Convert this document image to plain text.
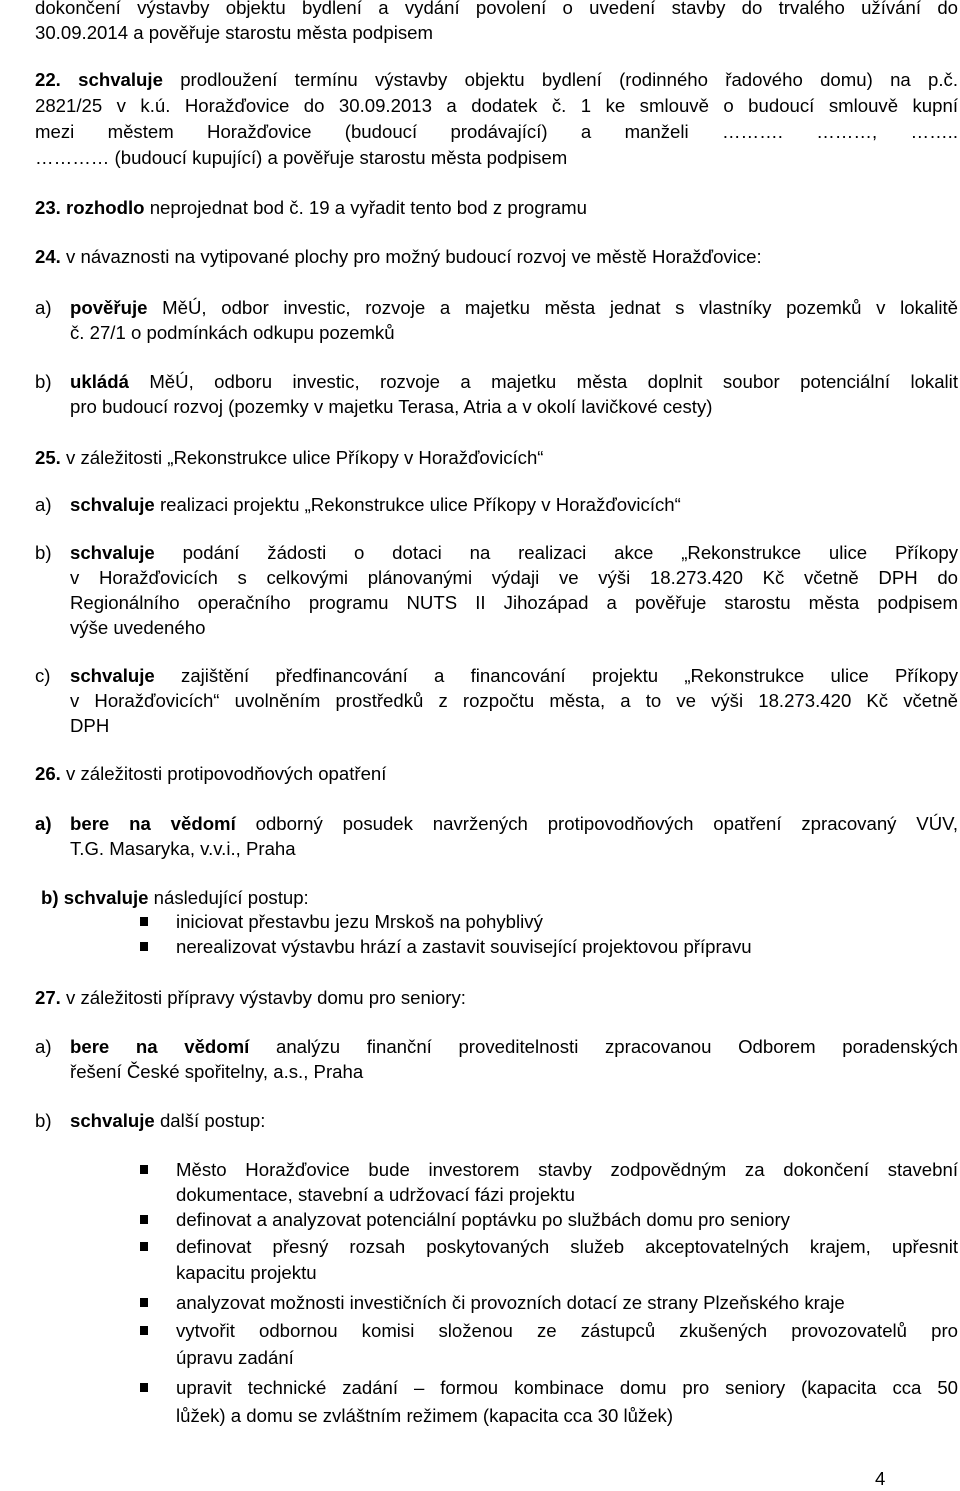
dokončení výstavby objektu bydlení a vydání povolení o uvedení stavby do trvalého užívání do
30.09.2014 a pověřuje starostu města podpisem
22. schvaluje prodloužení termínu výstavby objektu bydlení (rodinného řadového domu) na p.č.
2821/25 v k.ú. Horažďovice do 30.09.2013 a dodatek č. 1 ke smlouvě o budoucí smlouvě kupní
mezi městem Horažďovice (budoucí prodávající) a manželi ………. ………, ……..
………… (budoucí kupující) a pověřuje starostu města podpisem
23. rozhodlo neprojednat bod č. 19 a vyřadit tento bod z programu
24. v návaznosti na vytipované plochy pro možný budoucí rozvoj ve městě Horažďovice:
a) pověřuje MěÚ, odbor investic, rozvoje a majetku města jednat s vlastníky pozemků v lokalitě
č. 27/1 o podmínkách odkupu pozemků
b) ukládá MěÚ, odboru investic, rozvoje a majetku města doplnit soubor potenciální lokalit
pro budoucí rozvoj (pozemky v majetku Terasa, Atria a v okolí lavičkové cesty)
25. v záležitosti „Rekonstrukce ulice Příkopy v Horažďovicích“
a) schvaluje realizaci projektu „Rekonstrukce ulice Příkopy v Horažďovicích“
b) schvaluje podání žádosti o dotaci na realizaci akce „Rekonstrukce ulice Příkopy
v Horažďovicích s celkovými plánovanými výdaji ve výši 18.273.420 Kč včetně DPH do
Regionálního operačního programu NUTS II Jihozápad a pověřuje starostu města podpisem
výše uvedeného
c) schvaluje zajištění předfinancování a financování projektu „Rekonstrukce ulice Příkopy
v Horažďovicích“ uvolněním prostředků z rozpočtu města, a to ve výši 18.273.420 Kč včetně
DPH
26. v záležitosti protipovodňových opatření
a) bere na vědomí odborný posudek navržených protipovodňových opatření zpracovaný VÚV,
T.G. Masaryka, v.v.i., Praha
b) schvaluje následující postup:
iniciovat přestavbu jezu Mrskoš na pohyblivý
nerealizovat výstavbu hrází a zastavit související projektovou přípravu
27. v záležitosti přípravy výstavby domu pro seniory:
a) bere na vědomí analýzu finanční proveditelnosti zpracovanou Odborem poradenských
řešení České spořitelny, a.s., Praha
b) schvaluje další postup:
Město Horažďovice bude investorem stavby zodpovědným za dokončení stavební
dokumentace, stavební a udržovací fázi projektu
definovat a analyzovat potenciální poptávku po službách domu pro seniory
definovat přesný rozsah poskytovaných služeb akceptovatelných krajem, upřesnit
kapacitu projektu
analyzovat možnosti investičních či provozních dotací ze strany Plzeňského kraje
vytvořit odbornou komisi složenou ze zástupců zkušených provozovatelů pro
úpravu zadání
upravit technické zadání – formou kombinace domu pro seniory (kapacita cca 50
lůžek) a domu se zvláštním režimem (kapacita cca 30 lůžek)
4
